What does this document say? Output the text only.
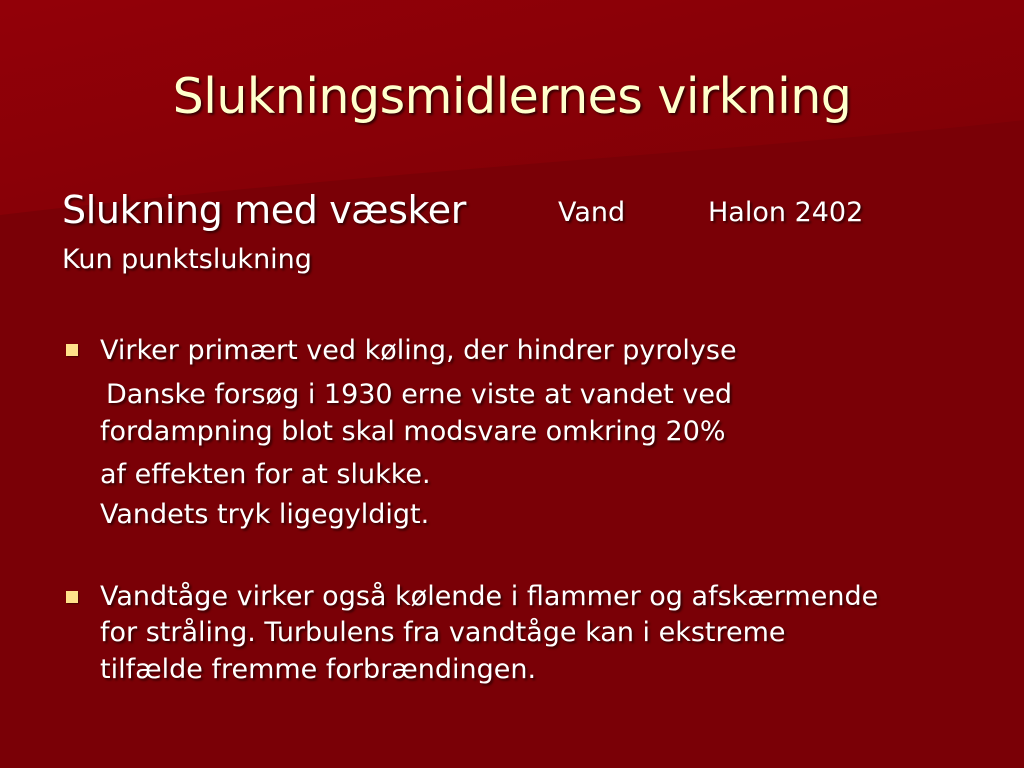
Slukningsmidlernes virkning
Slukning med væsker	Vand	Halon 2402
Kun punktslukning
Virker primært ved køling, der hindrer pyrolyse
Danske forsøg i 1930 erne viste at vandet ved
fordampning blot skal modsvare omkring 20%
af effekten for at slukke.
Vandets tryk ligegyldigt.
Vandtåge virker også kølende i flammer og afskærmende
for stråling. Turbulens fra vandtåge kan i ekstreme
tilfælde fremme forbrændingen.
